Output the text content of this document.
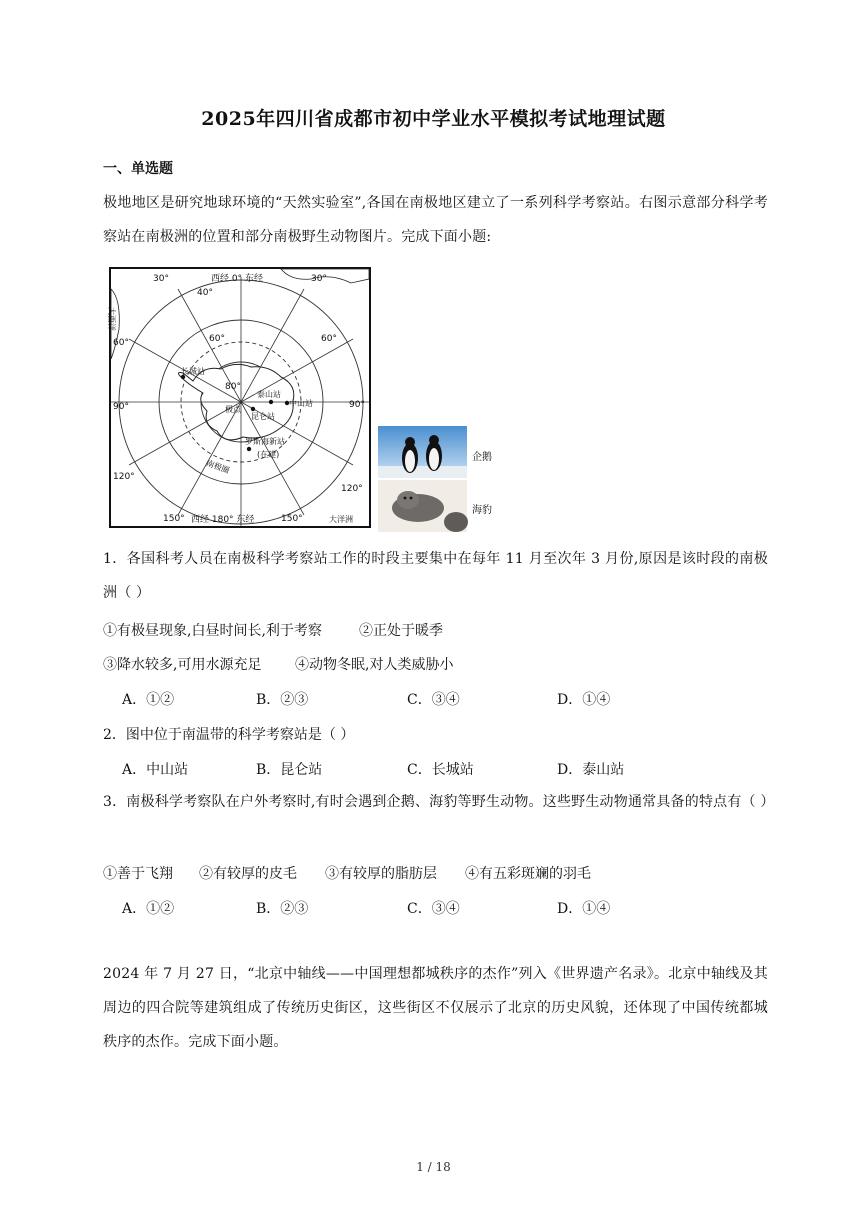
2025年四川省成都市初中学业水平模拟考试地理试题
一、单选题
极地地区是研究地球环境的“天然实验室”,各国在南极地区建立了一系列科学考察站。右图示意部分科学考察站在南极洲的位置和部分南极野生动物图片。完成下面小题:
西经 0° 东经
30°	30°
40°
60°
60°	60°
80°
90°	90°
120°
120°
150°	150°
西经 180° 东经	大洋洲
大西洋
南极圈
长城站
泰山站
中山站
昆仑站
极点
罗斯海新站
(在建)	企鹅
海豹
1．各国科考人员在南极科学考察站工作的时段主要集中在每年 11 月至次年 3 月份,原因是该时段的南极洲（ ）
①有极昼现象,白昼时间长,利于考察	②正处于暖季
③降水较多,可用水源充足 ④动物冬眠,对人类威胁小
A．①②	B．②③	C．③④	D．①④
2．图中位于南温带的科学考察站是（ ）
A．中山站	B．昆仑站	C．长城站	D．泰山站
3．南极科学考察队在户外考察时,有时会遇到企鹅、海豹等野生动物。这些野生动物通常具备的特点有（ ）
①善于飞翔 ②有较厚的皮毛 ③有较厚的脂肪层 ④有五彩斑斓的羽毛
A．①②	B．②③	C．③④	D．①④
2024 年 7 月 27 日，“北京中轴线——中国理想都城秩序的杰作”列入《世界遗产名录》。北京中轴线及其周边的四合院等建筑组成了传统历史街区，这些街区不仅展示了北京的历史风貌，还体现了中国传统都城秩序的杰作。完成下面小题。
1 / 18
